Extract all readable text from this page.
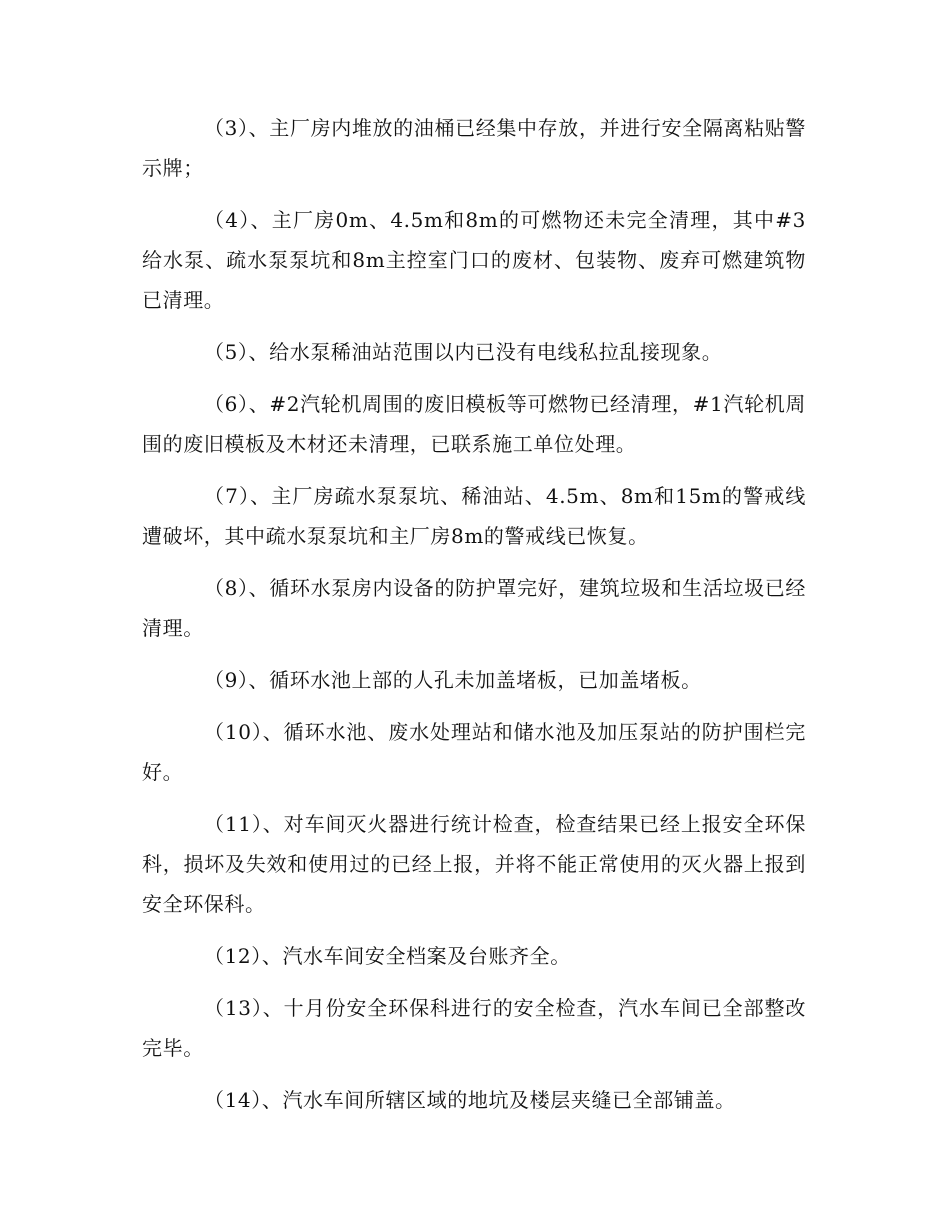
（3）、主厂房内堆放的油桶已经集中存放，并进行安全隔离粘贴警示牌；

（4）、主厂房0m、4.5m和8m的可燃物还未完全清理，其中#3给水泵、疏水泵泵坑和8m主控室门口的废材、包装物、废弃可燃建筑物已清理。

（5）、给水泵稀油站范围以内已没有电线私拉乱接现象。

（6）、#2汽轮机周围的废旧模板等可燃物已经清理，#1汽轮机周围的废旧模板及木材还未清理，已联系施工单位处理。

（7）、主厂房疏水泵泵坑、稀油站、4.5m、8m和15m的警戒线遭破坏，其中疏水泵泵坑和主厂房8m的警戒线已恢复。

（8）、循环水泵房内设备的防护罩完好，建筑垃圾和生活垃圾已经清理。

（9）、循环水池上部的人孔未加盖堵板，已加盖堵板。

（10）、循环水池、废水处理站和储水池及加压泵站的防护围栏完好。

（11）、对车间灭火器进行统计检查，检查结果已经上报安全环保科，损坏及失效和使用过的已经上报，并将不能正常使用的灭火器上报到安全环保科。

（12）、汽水车间安全档案及台账齐全。

（13）、十月份安全环保科进行的安全检查，汽水车间已全部整改完毕。

（14）、汽水车间所辖区域的地坑及楼层夹缝已全部铺盖。
